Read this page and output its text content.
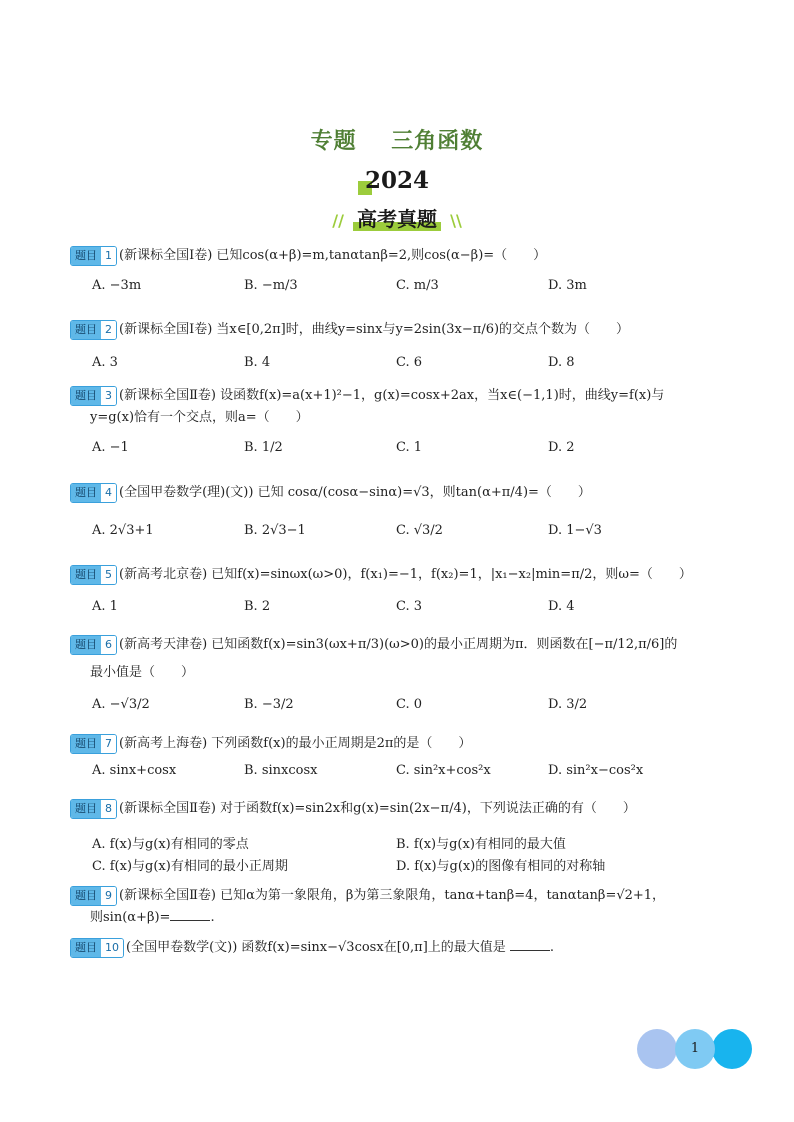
专题    三角函数
2024
// 高考真题 \\
题目 1 (新课标全国Ⅰ卷) 已知cos(α+β)=m,tanαtanβ=2,则cos(α−β)=（　　）
A. −3m	B. −m/3	C. m/3	D. 3m
题目 2 (新课标全国Ⅰ卷) 当x∈[0,2π]时，曲线y=sinx与y=2sin(3x−π/6)的交点个数为（　　）
A. 3	B. 4	C. 6	D. 8
题目 3 (新课标全国Ⅱ卷) 设函数f(x)=a(x+1)²−1，g(x)=cosx+2ax，当x∈(−1,1)时，曲线y=f(x)与
y=g(x)恰有一个交点，则a=（　　）
A. −1	B. 1/2	C. 1	D. 2
题目 4 (全国甲卷数学(理)(文)) 已知 cosα/(cosα−sinα)=√3，则tan(α+π/4)=（　　）
A. 2√3+1	B. 2√3−1	C. √3/2	D. 1−√3
题目 5 (新高考北京卷) 已知f(x)=sinωx(ω>0)，f(x₁)=−1，f(x₂)=1，|x₁−x₂|min=π/2，则ω=（　　）
A. 1	B. 2	C. 3	D. 4
题目 6 (新高考天津卷) 已知函数f(x)=sin3(ωx+π/3)(ω>0)的最小正周期为π．则函数在[−π/12,π/6]的
最小值是（　　）
A. −√3/2	B. −3/2	C. 0	D. 3/2
题目 7 (新高考上海卷) 下列函数f(x)的最小正周期是2π的是（　　）
A. sinx+cosx	B. sinxcosx	C. sin²x+cos²x	D. sin²x−cos²x
题目 8 (新课标全国Ⅱ卷) 对于函数f(x)=sin2x和g(x)=sin(2x−π/4)，下列说法正确的有（　　）
A. f(x)与g(x)有相同的零点	B. f(x)与g(x)有相同的最大值
C. f(x)与g(x)有相同的最小正周期	D. f(x)与g(x)的图像有相同的对称轴
题目 9 (新课标全国Ⅱ卷) 已知α为第一象限角，β为第三象限角，tanα+tanβ=4，tanαtanβ=√2+1，
则sin(α+β)=	.
题目 10 (全国甲卷数学(文)) 函数f(x)=sinx−√3cosx在[0,π]上的最大值是	.
1
